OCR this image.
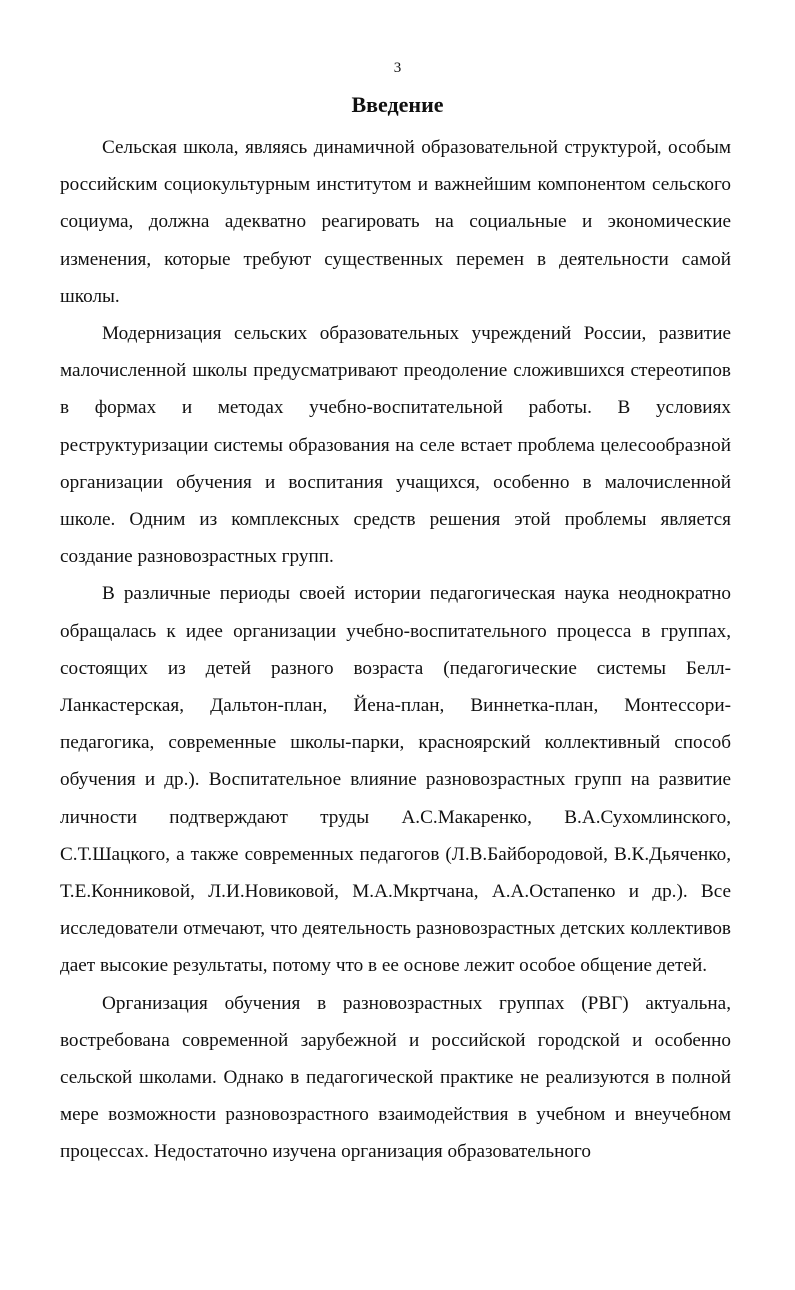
3
Введение

Сельская школа, являясь динамичной образовательной структурой, особым российским социокультурным институтом и важнейшим компонентом сельского социума, должна адекватно реагировать на социальные и экономические изменения, которые требуют существенных перемен в деятельности самой школы.

Модернизация сельских образовательных учреждений России, развитие малочисленной школы предусматривают преодоление сложившихся стереотипов в формах и методах учебно-воспитательной работы. В условиях реструктуризации системы образования на селе встает проблема целесообразной организации обучения и воспитания учащихся, особенно в малочисленной школе. Одним из комплексных средств решения этой проблемы является создание разновозрастных групп.

В различные периоды своей истории педагогическая наука неоднократно обращалась к идее организации учебно-воспитательного процесса в группах, состоящих из детей разного возраста (педагогические системы Белл-Ланкастерская, Дальтон-план, Йена-план, Виннетка-план, Монтессори-педагогика, современные школы-парки, красноярский коллективный способ обучения и др.). Воспитательное влияние разновозрастных групп на развитие личности подтверждают труды А.С.Макаренко, В.А.Сухомлинского, С.Т.Шацкого, а также современных педагогов (Л.В.Байбородовой, В.К.Дьяченко, Т.Е.Конниковой, Л.И.Новиковой, М.А.Мкртчана, А.А.Остапенко и др.). Все исследователи отмечают, что деятельность разновозрастных детских коллективов дает высокие результаты, потому что в ее основе лежит особое общение детей.

Организация обучения в разновозрастных группах (РВГ) актуальна, востребована современной зарубежной и российской городской и особенно сельской школами. Однако в педагогической практике не реализуются в полной мере возможности разновозрастного взаимодействия в учебном и внеучебном процессах. Недостаточно изучена организация образовательного
